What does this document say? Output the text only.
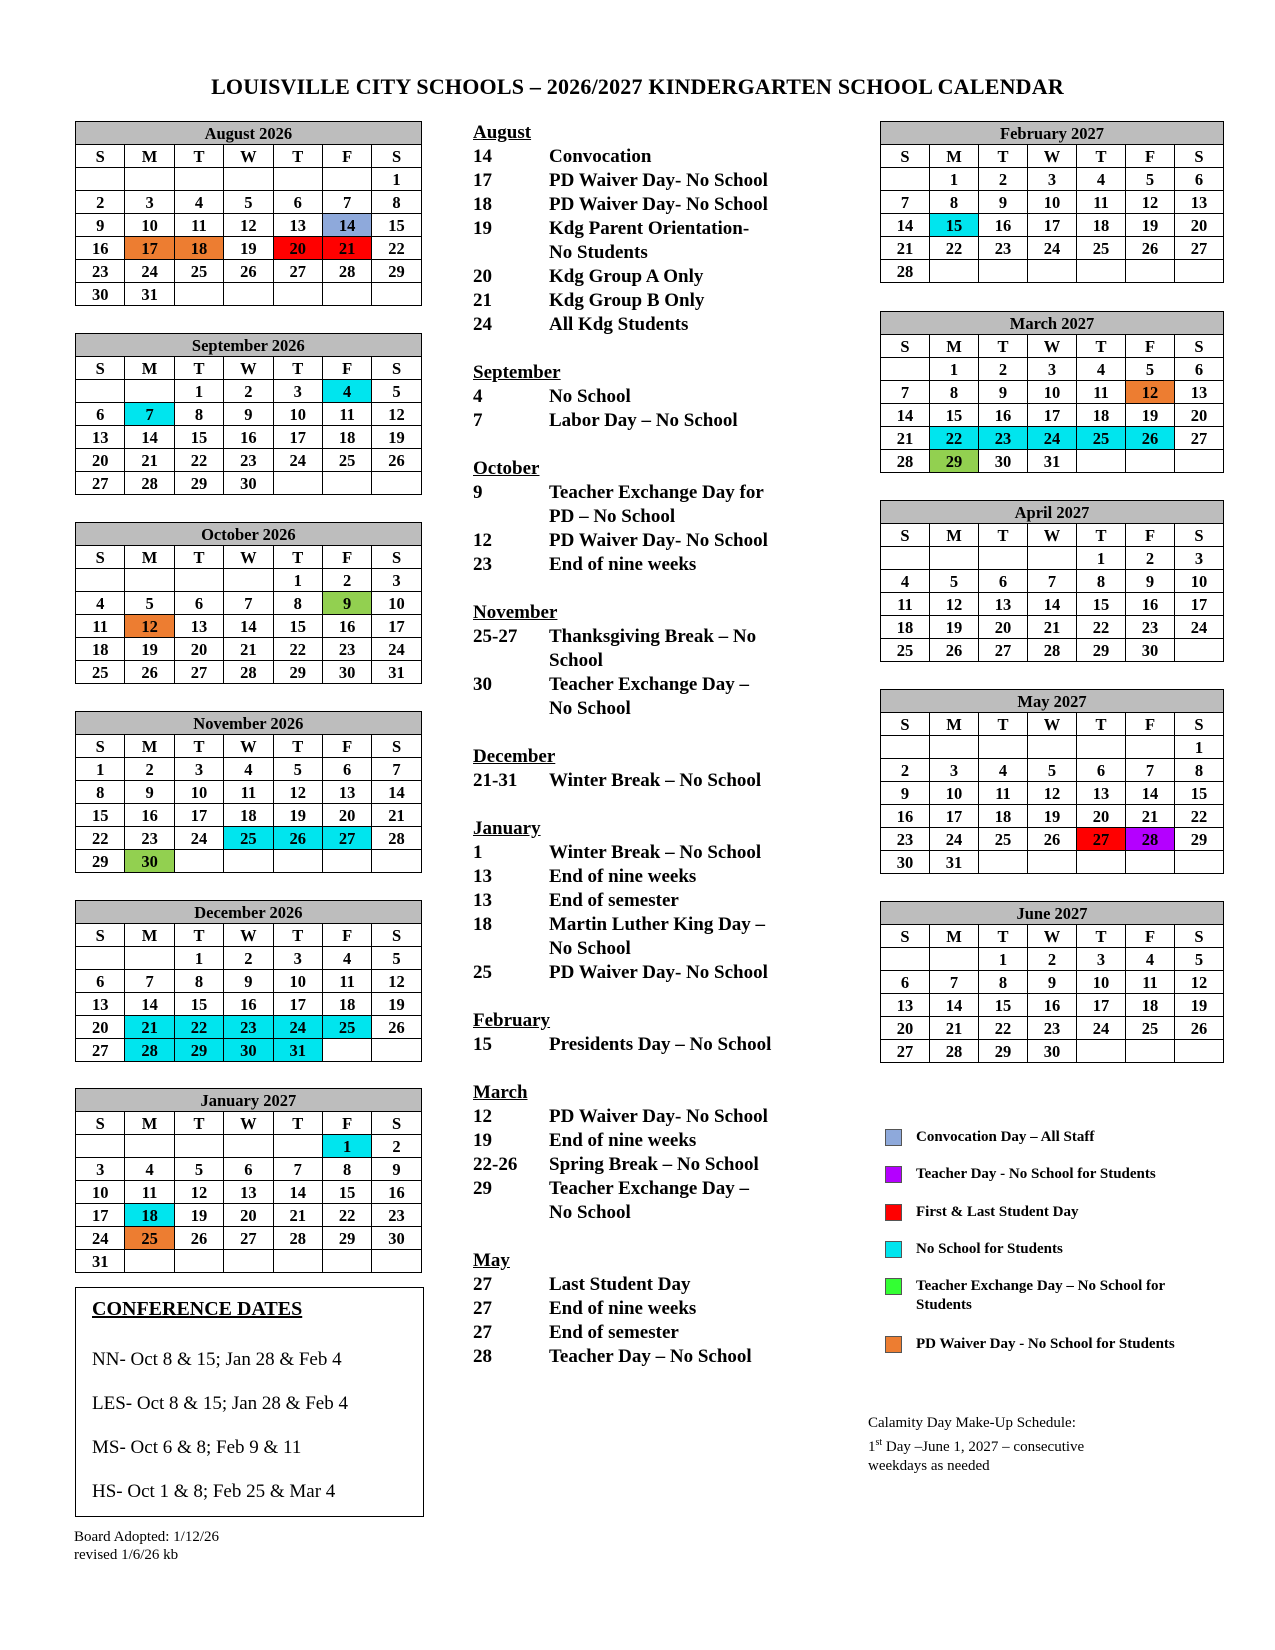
LOUISVILLE CITY SCHOOLS – 2026/2027 KINDERGARTEN SCHOOL CALENDAR
August 2026						
S	M	T	W	T	F	S
						1
2	3	4	5	6	7	8
9	10	11	12	13	14	15
16	17	18	19	20	21	22
23	24	25	26	27	28	29
30	31					
September 2026						
S	M	T	W	T	F	S
		1	2	3	4	5
6	7	8	9	10	11	12
13	14	15	16	17	18	19
20	21	22	23	24	25	26
27	28	29	30			
October 2026						
S	M	T	W	T	F	S
				1	2	3
4	5	6	7	8	9	10
11	12	13	14	15	16	17
18	19	20	21	22	23	24
25	26	27	28	29	30	31
November 2026						
S	M	T	W	T	F	S
1	2	3	4	5	6	7
8	9	10	11	12	13	14
15	16	17	18	19	20	21
22	23	24	25	26	27	28
29	30					
December 2026						
S	M	T	W	T	F	S
		1	2	3	4	5
6	7	8	9	10	11	12
13	14	15	16	17	18	19
20	21	22	23	24	25	26
27	28	29	30	31		
January 2027						
S	M	T	W	T	F	S
					1	2
3	4	5	6	7	8	9
10	11	12	13	14	15	16
17	18	19	20	21	22	23
24	25	26	27	28	29	30
31						
February 2027						
S	M	T	W	T	F	S
	1	2	3	4	5	6
7	8	9	10	11	12	13
14	15	16	17	18	19	20
21	22	23	24	25	26	27
28						
March 2027						
S	M	T	W	T	F	S
	1	2	3	4	5	6
7	8	9	10	11	12	13
14	15	16	17	18	19	20
21	22	23	24	25	26	27
28	29	30	31			
April 2027						
S	M	T	W	T	F	S
				1	2	3
4	5	6	7	8	9	10
11	12	13	14	15	16	17
18	19	20	21	22	23	24
25	26	27	28	29	30	
May 2027						
S	M	T	W	T	F	S
						1
2	3	4	5	6	7	8
9	10	11	12	13	14	15
16	17	18	19	20	21	22
23	24	25	26	27	28	29
30	31					
June 2027						
S	M	T	W	T	F	S
		1	2	3	4	5
6	7	8	9	10	11	12
13	14	15	16	17	18	19
20	21	22	23	24	25	26
27	28	29	30			
August
14	Convocation
17	PD Waiver Day- No School
18	PD Waiver Day- No School
19	Kdg Parent Orientation-
No Students
20	Kdg Group A Only
21	Kdg Group B Only
24	All Kdg Students
September
4	No School
7	Labor Day – No School
October
9	Teacher Exchange Day for
PD – No School
12	PD Waiver Day- No School
23	End of nine weeks
November
25-27	Thanksgiving Break – No
School
30	Teacher Exchange Day –
No School
December
21-31	Winter Break – No School
January
1	Winter Break – No School
13	End of nine weeks
13	End of semester
18	Martin Luther King Day –
No School
25	PD Waiver Day- No School
February
15	Presidents Day – No School
March
12	PD Waiver Day- No School
19	End of nine weeks
22-26	Spring Break – No School
29	Teacher Exchange Day –
No School
May
27	Last Student Day
27	End of nine weeks
27	End of semester
28	Teacher Day – No School
CONFERENCE DATES
NN- Oct 8 & 15; Jan 28 & Feb 4
LES- Oct 8 & 15; Jan 28 & Feb 4
MS- Oct 6 & 8; Feb 9 & 11
HS- Oct 1 & 8; Feb 25 & Mar 4
Board Adopted: 1/12/26
revised 1/6/26 kb
Convocation Day – All Staff
Teacher Day - No School for Students
First & Last Student Day
No School for Students
Teacher Exchange Day – No School for Students
PD Waiver Day - No School for Students
Calamity Day Make-Up Schedule:
1st Day –June 1, 2027 – consecutive
weekdays as needed
